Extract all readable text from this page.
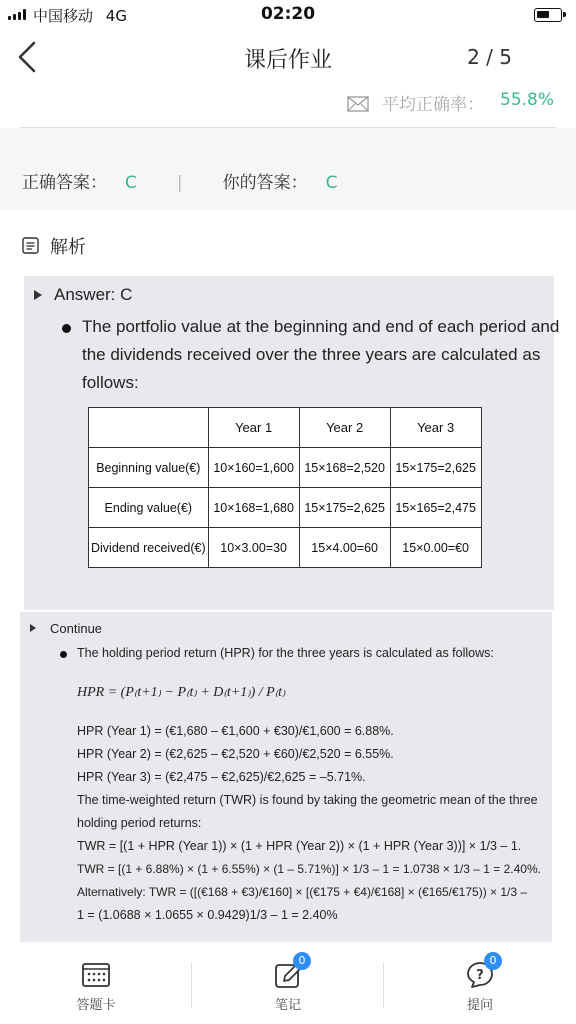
中国移动 4G	02:20
课后作业	2 / 5
平均正确率： 55.8%
正确答案： C | 你的答案： C
解析
Answer: C
The portfolio value at the beginning and end of each period and
the dividends received over the three years are calculated as
follows:
	Year 1	Year 2	Year 3
Beginning value(€)	10×160=1,600	15×168=2,520	15×175=2,625
Ending value(€)	10×168=1,680	15×175=2,625	15×165=2,475
Dividend received(€)	10×3.00=30	15×4.00=60	15×0.00=€0
Continue
The holding period return (HPR) for the three years is calculated as follows:
HPR = (P₍t+1₎ − P₍t₎ + D₍t+1₎) / P₍t₎
HPR (Year 1) = (€1,680 – €1,600 + €30)/€1,600 = 6.88%.
HPR (Year 2) = (€2,625 – €2,520 + €60)/€2,520 = 6.55%.
HPR (Year 3) = (€2,475 – €2,625)/€2,625 = –5.71%.
The time-weighted return (TWR) is found by taking the geometric mean of the three
holding period returns:
TWR = [(1 + HPR (Year 1)) × (1 + HPR (Year 2)) × (1 + HPR (Year 3))] × 1/3 – 1.
TWR = [(1 + 6.88%) × (1 + 6.55%) × (1 – 5.71%)] × 1/3 – 1 = 1.0738 × 1/3 – 1 = 2.40%.
Alternatively: TWR = ([(€168 + €3)/€160] × [(€175 + €4)/€168] × (€165/€175)) × 1/3 –
1 = (1.0688 × 1.0655 × 0.9429)1/3 – 1 = 2.40%
答题卡
0
笔记
?
0
提问
